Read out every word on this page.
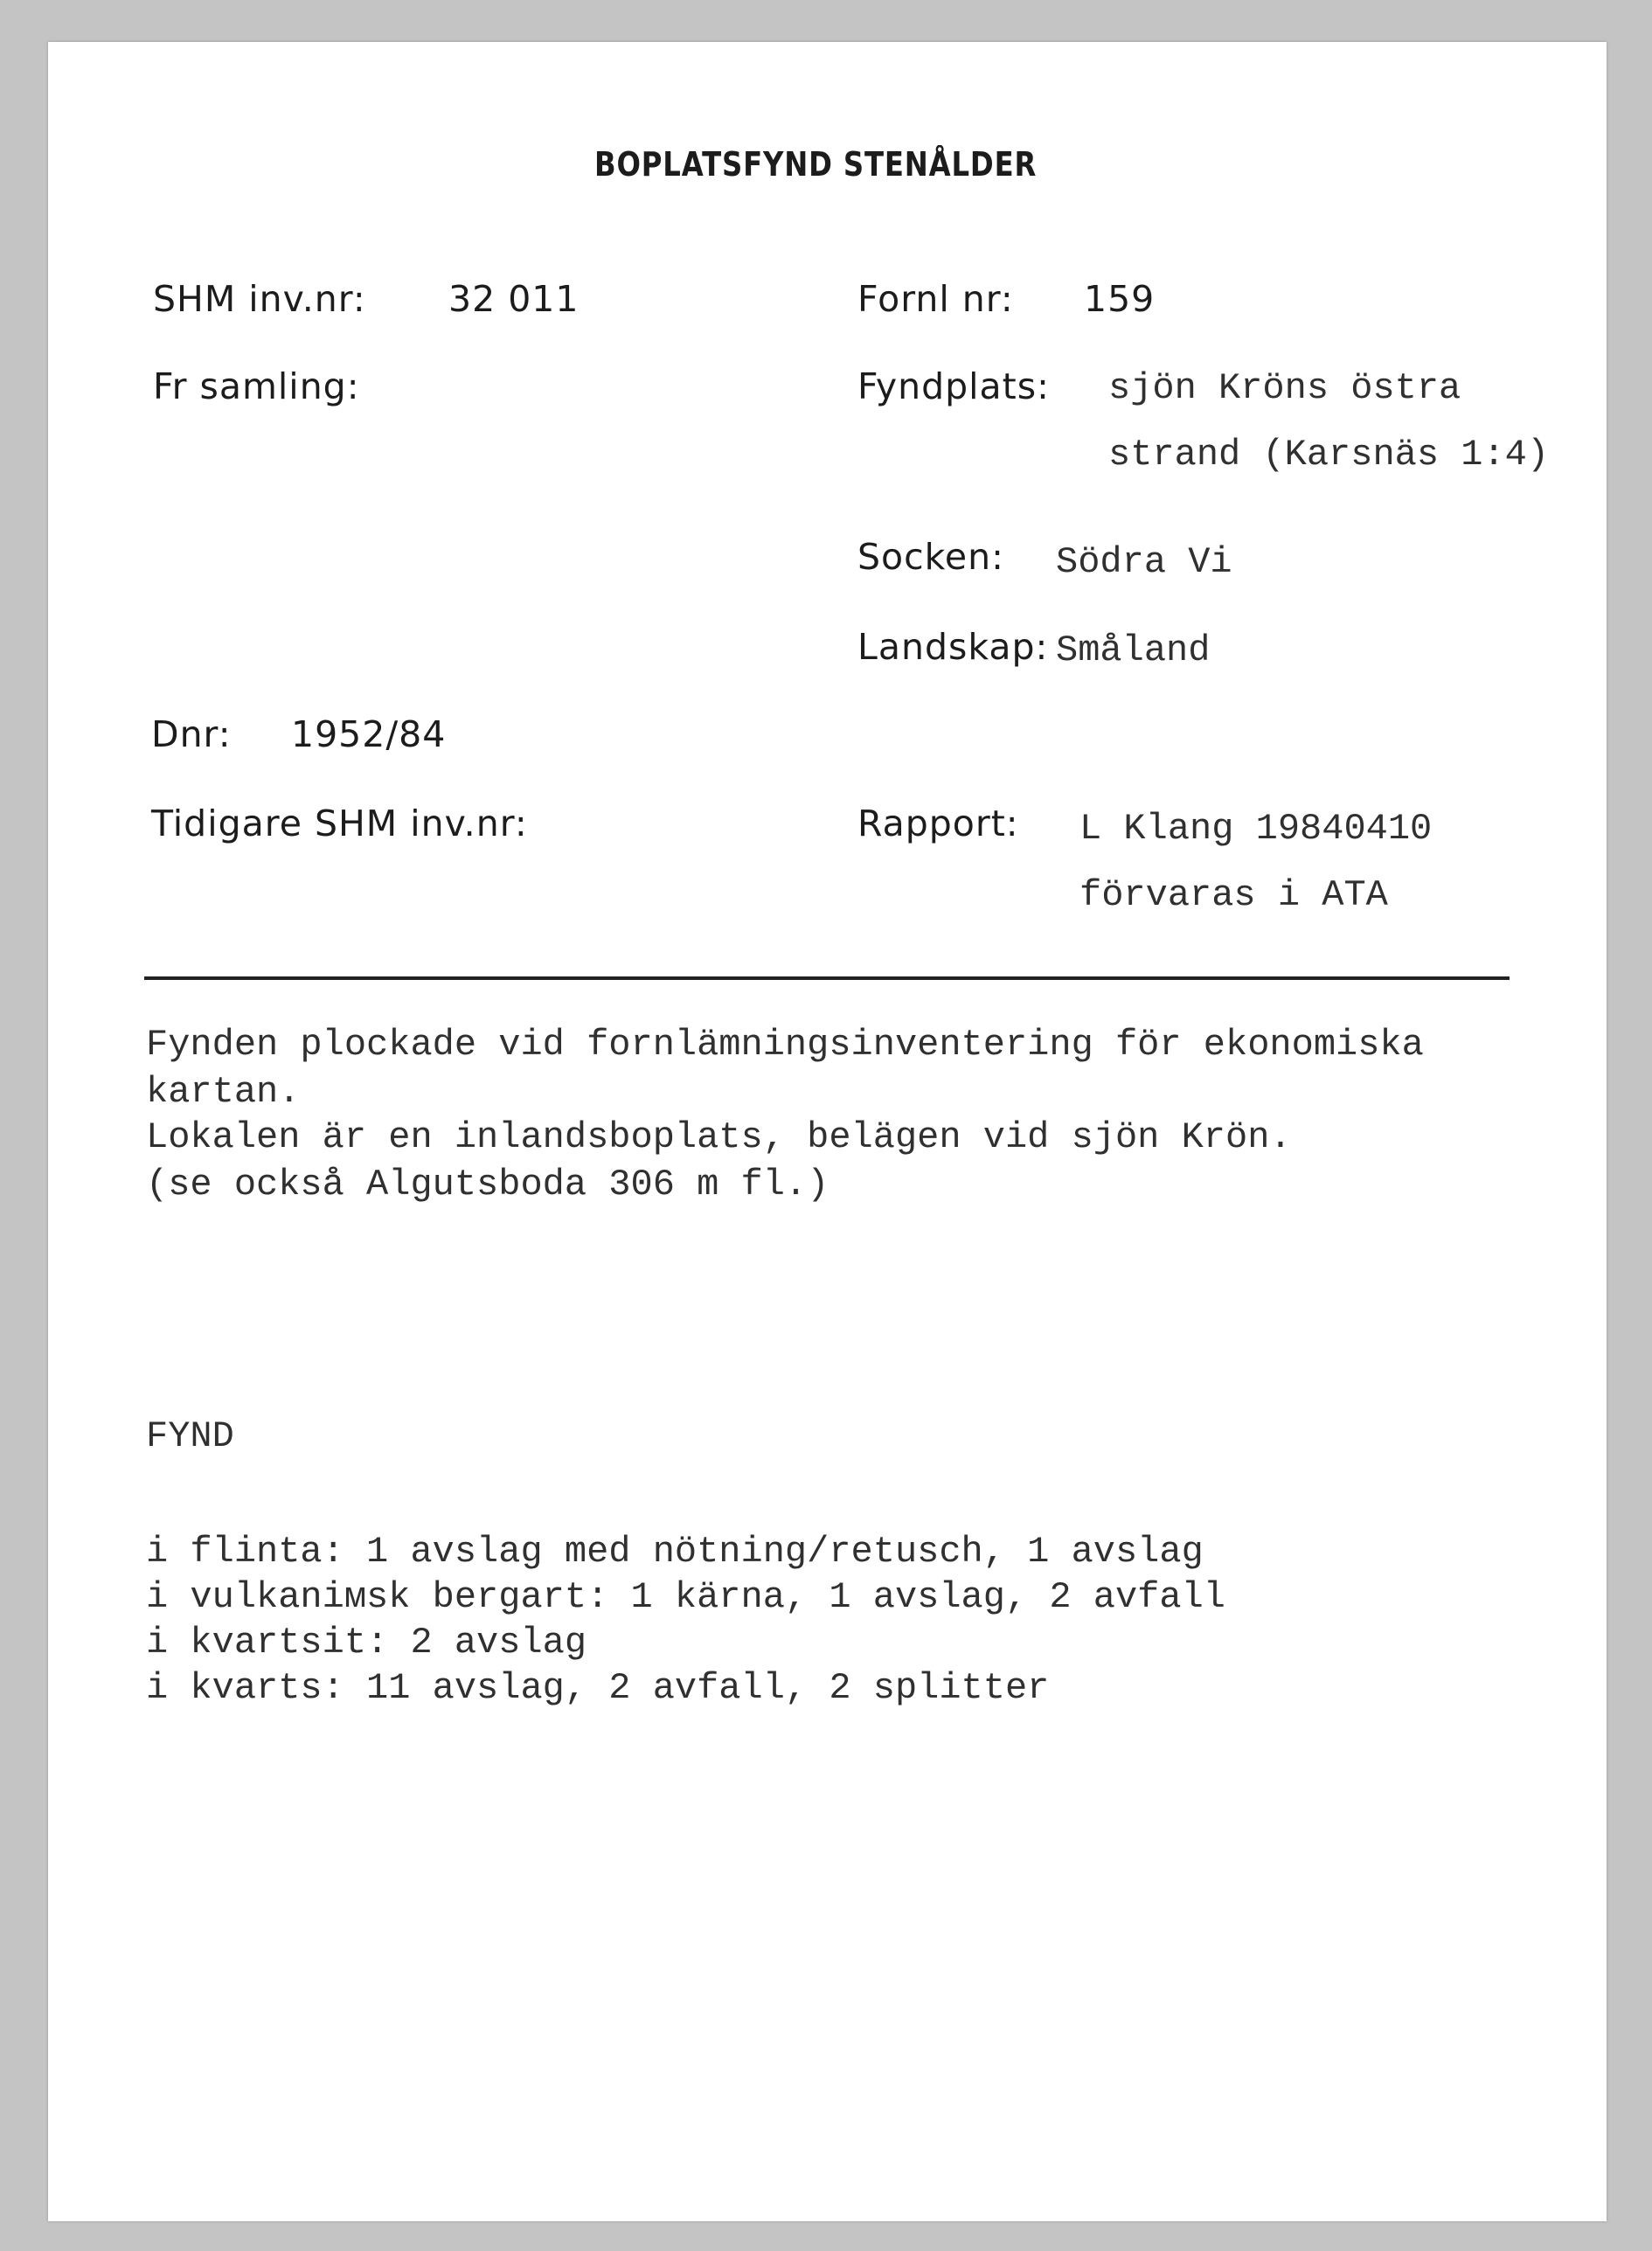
BOPLATSFYND STENÅLDER
SHM inv.nr: 32 011	Fornl nr: 159
Fr samling:	Fyndplats: sjön Kröns östra
strand (Karsnäs 1:4)
Socken: Södra Vi
Landskap: Småland
Dnr: 1952/84
Tidigare SHM inv.nr:	Rapport: L Klang 19840410
förvaras i ATA
Fynden plockade vid fornlämningsinventering för ekonomiska
kartan.
Lokalen är en inlandsboplats, belägen vid sjön Krön.
(se också Algutsboda 306 m fl.)
FYND
i flinta: 1 avslag med nötning/retusch, 1 avslag
i vulkaniмsk bergart: 1 kärna, 1 avslag, 2 avfall
i kvartsit: 2 avslag
i kvarts: 11 avslag, 2 avfall, 2 splitter
